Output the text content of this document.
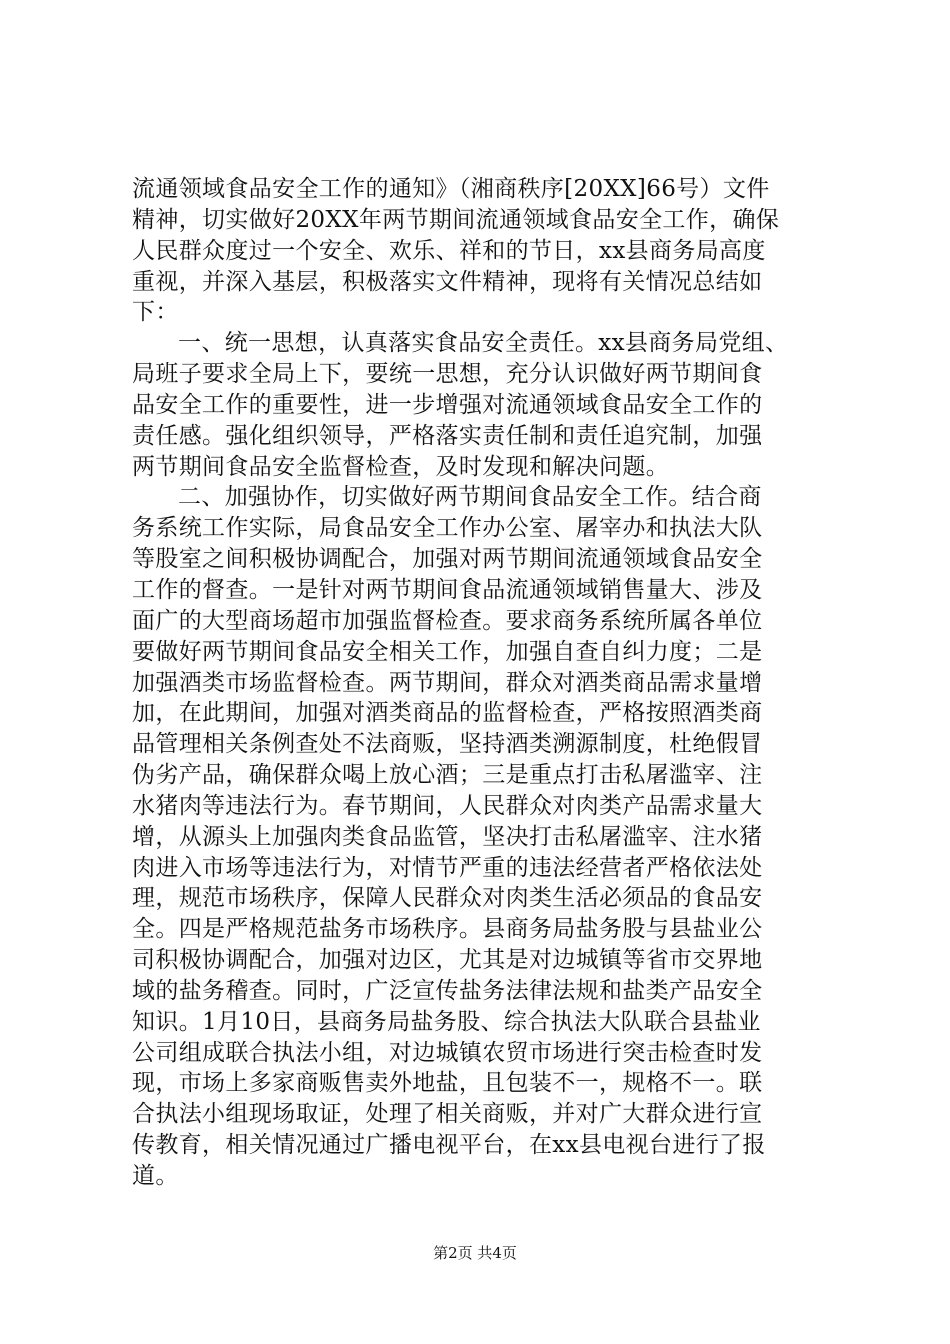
流通领域食品安全工作的通知》（湘商秩序[20XX]66号）文件
精神，切实做好20XX年两节期间流通领域食品安全工作，确保
人民群众度过一个安全、欢乐、祥和的节日，xx县商务局高度
重视，并深入基层，积极落实文件精神，现将有关情况总结如
下：
一、统一思想，认真落实食品安全责任。xx县商务局党组、
局班子要求全局上下，要统一思想，充分认识做好两节期间食
品安全工作的重要性，进一步增强对流通领域食品安全工作的
责任感。强化组织领导，严格落实责任制和责任追究制，加强
两节期间食品安全监督检查，及时发现和解决问题。
二、加强协作，切实做好两节期间食品安全工作。结合商
务系统工作实际，局食品安全工作办公室、屠宰办和执法大队
等股室之间积极协调配合，加强对两节期间流通领域食品安全
工作的督查。一是针对两节期间食品流通领域销售量大、涉及
面广的大型商场超市加强监督检查。要求商务系统所属各单位
要做好两节期间食品安全相关工作，加强自查自纠力度；二是
加强酒类市场监督检查。两节期间，群众对酒类商品需求量增
加，在此期间，加强对酒类商品的监督检查，严格按照酒类商
品管理相关条例查处不法商贩，坚持酒类溯源制度，杜绝假冒
伪劣产品，确保群众喝上放心酒；三是重点打击私屠滥宰、注
水猪肉等违法行为。春节期间，人民群众对肉类产品需求量大
增，从源头上加强肉类食品监管，坚决打击私屠滥宰、注水猪
肉进入市场等违法行为，对情节严重的违法经营者严格依法处
理，规范市场秩序，保障人民群众对肉类生活必须品的食品安
全。四是严格规范盐务市场秩序。县商务局盐务股与县盐业公
司积极协调配合，加强对边区，尤其是对边城镇等省市交界地
域的盐务稽查。同时，广泛宣传盐务法律法规和盐类产品安全
知识。1月10日，县商务局盐务股、综合执法大队联合县盐业
公司组成联合执法小组，对边城镇农贸市场进行突击检查时发
现，市场上多家商贩售卖外地盐，且包装不一，规格不一。联
合执法小组现场取证，处理了相关商贩，并对广大群众进行宣
传教育，相关情况通过广播电视平台，在xx县电视台进行了报
道。
第2页 共4页
